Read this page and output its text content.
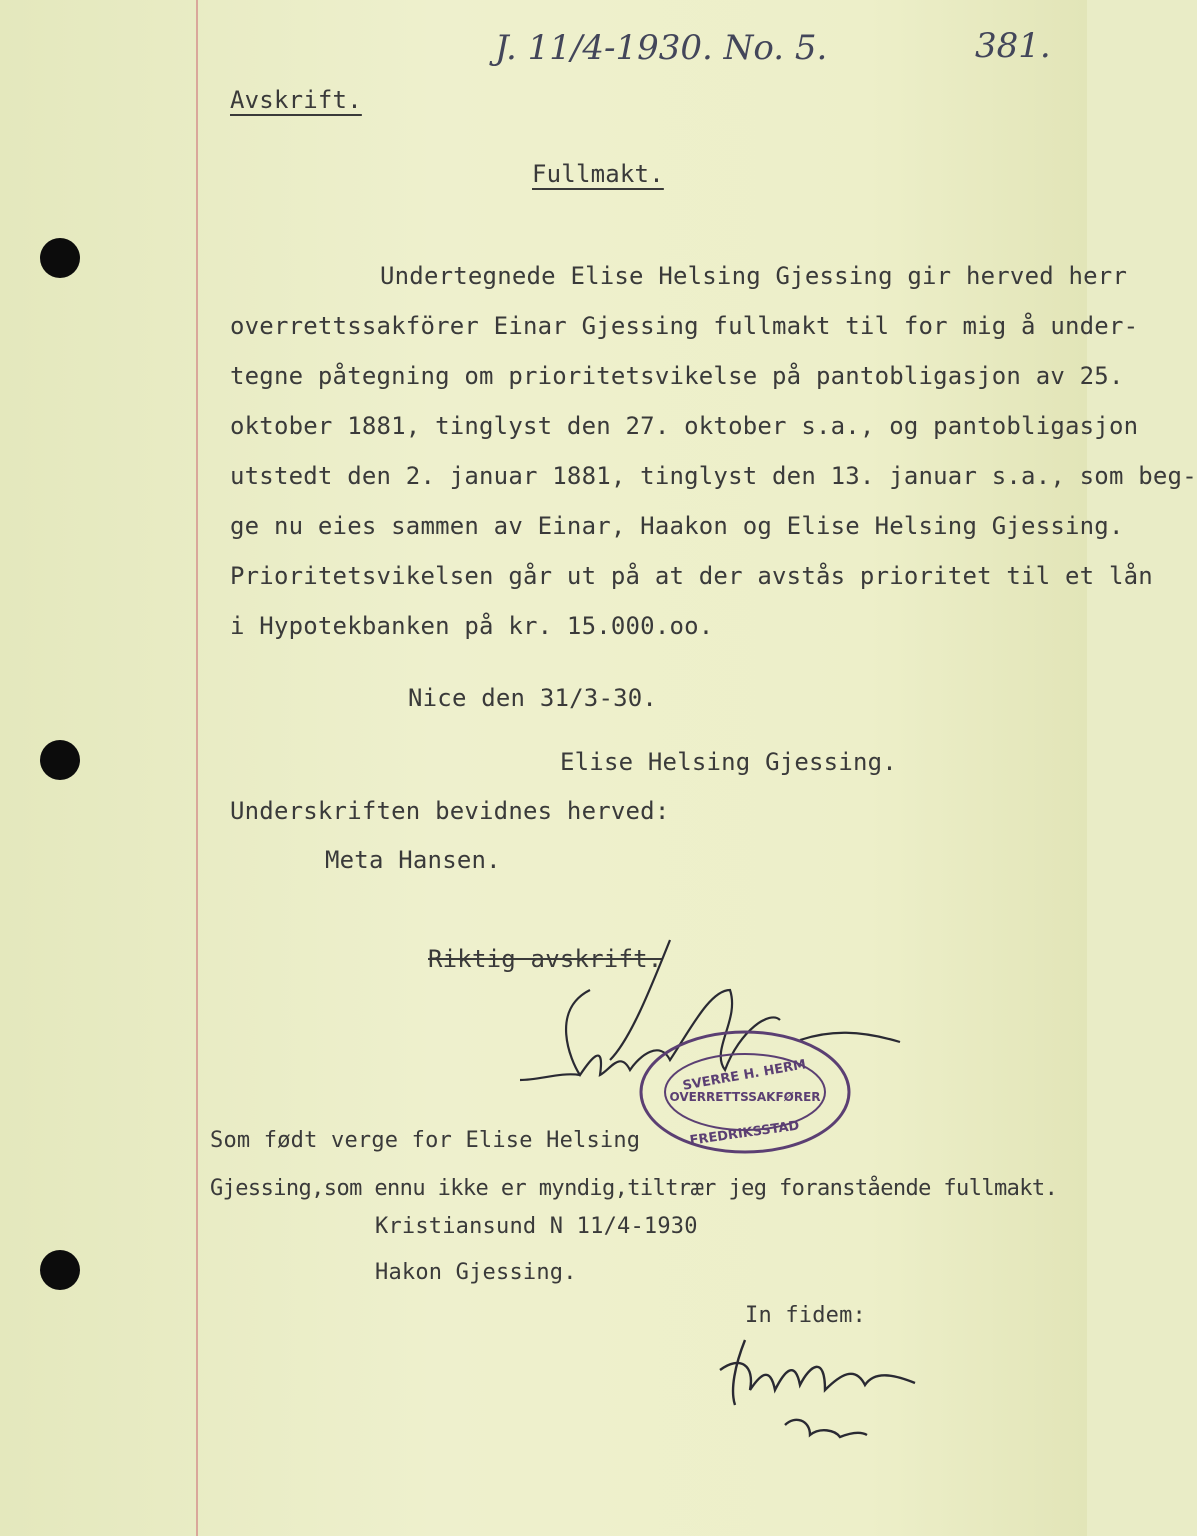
J. 11/4-1930. No. 5.	381.
Avskrift.
Fullmakt.
Undertegnede Elise Helsing Gjessing gir herved herr
overrettssakförer Einar Gjessing fullmakt til for mig å under-
tegne påtegning om prioritetsvikelse på pantobligasjon av 25.
oktober 1881, tinglyst den 27. oktober s.a., og pantobligasjon
utstedt den 2. januar 1881, tinglyst den 13. januar s.a., som beg-
ge nu eies sammen av Einar, Haakon og Elise Helsing Gjessing.
Prioritetsvikelsen går ut på at der avstås prioritet til et lån
i Hypotekbanken på kr. 15.000.oo.
Nice den 31/3-30.
Elise Helsing Gjessing.
Underskriften bevidnes herved:
Meta Hansen.
Riktig avskrift.
SVERRE H. HERM
OVERRETTSSAKFØRER
FREDRIKSSTAD
Som født verge for Elise Helsing
Gjessing,som ennu ikke er myndig,tiltrær jeg foranstående fullmakt.
Kristiansund N 11/4-1930
Hakon Gjessing.
In fidem:
